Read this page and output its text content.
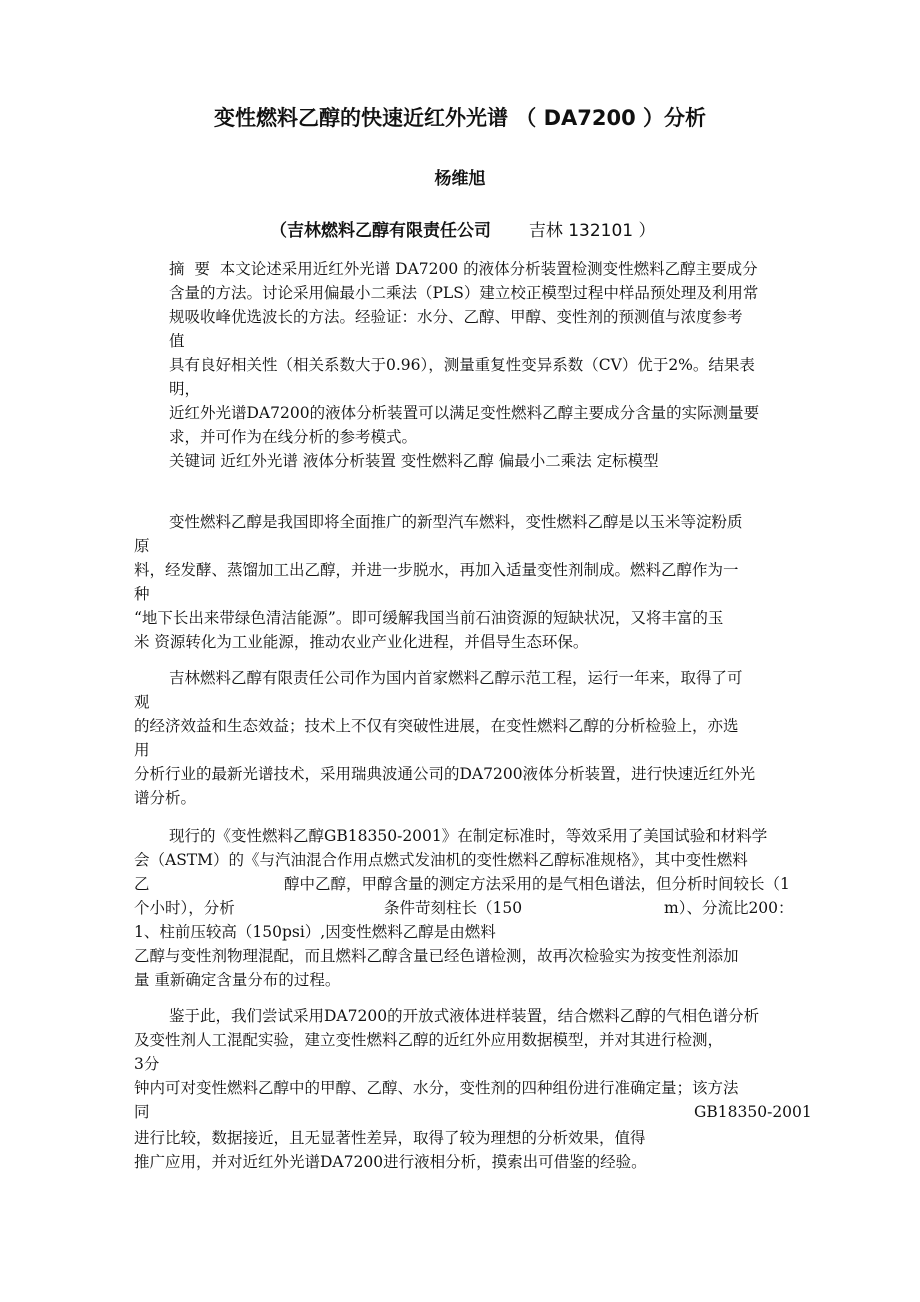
变性燃料乙醇的快速近红外光谱 （ DA7200 ）分析
杨维旭
（吉林燃料乙醇有限责任公司 吉林 132101 ）
摘  要  本文论述采用近红外光谱 DA7200 的液体分析装置检测变性燃料乙醇主要成分
含量的方法。讨论采用偏最小二乘法（PLS）建立校正模型过程中样品预处理及利用常
规吸收峰优选波长的方法。经验证：水分、乙醇、甲醇、变性剂的预测值与浓度参考
值
具有良好相关性（相关系数大于0.96），测量重复性变异系数（CV）优于2%。结果表
明，
近红外光谱DA7200的液体分析装置可以满足变性燃料乙醇主要成分含量的实际测量要
求，并可作为在线分析的参考模式。
关键词 近红外光谱 液体分析装置 变性燃料乙醇 偏最小二乘法 定标模型
变性燃料乙醇是我国即将全面推广的新型汽车燃料，变性燃料乙醇是以玉米等淀粉质
原
料，经发酵、蒸馏加工出乙醇，并进一步脱水，再加入适量变性剂制成。燃料乙醇作为一
种
“地下长出来带绿色清洁能源”。即可缓解我国当前石油资源的短缺状况，又将丰富的玉
米 资源转化为工业能源，推动农业产业化进程，并倡导生态环保。
吉林燃料乙醇有限责任公司作为国内首家燃料乙醇示范工程，运行一年来，取得了可
观
的经济效益和生态效益；技术上不仅有突破性进展，在变性燃料乙醇的分析检验上，亦选
用
分析行业的最新光谱技术，采用瑞典波通公司的DA7200液体分析装置，进行快速近红外光
谱分析。
现行的《变性燃料乙醇GB18350-2001》在制定标准时，等效采用了美国试验和材料学
会（ASTM）的《与汽油混合作用点燃式发油机的变性燃料乙醇标准规格》，其中变性燃料
乙	醇中乙醇，甲醇含量的测定方法采用的是气相色谱法，但分析时间较长（1
个小时），分析	条件苛刻柱长（150	m）、分流比200：
1、柱前压较高（150psi）,因变性燃料乙醇是由燃料
乙醇与变性剂物理混配，而且燃料乙醇含量已经色谱检测，故再次检验实为按变性剂添加
量 重新确定含量分布的过程。
鉴于此，我们尝试采用DA7200的开放式液体进样装置，结合燃料乙醇的气相色谱分析
及变性剂人工混配实验，建立变性燃料乙醇的近红外应用数据模型，并对其进行检测，
3分
钟内可对变性燃料乙醇中的甲醇、乙醇、水分，变性剂的四种组份进行准确定量；该方法
同	GB18350-2001
进行比较，数据接近，且无显著性差异，取得了较为理想的分析效果，值得
推广应用，并对近红外光谱DA7200进行液相分析，摸索出可借鉴的经验。
